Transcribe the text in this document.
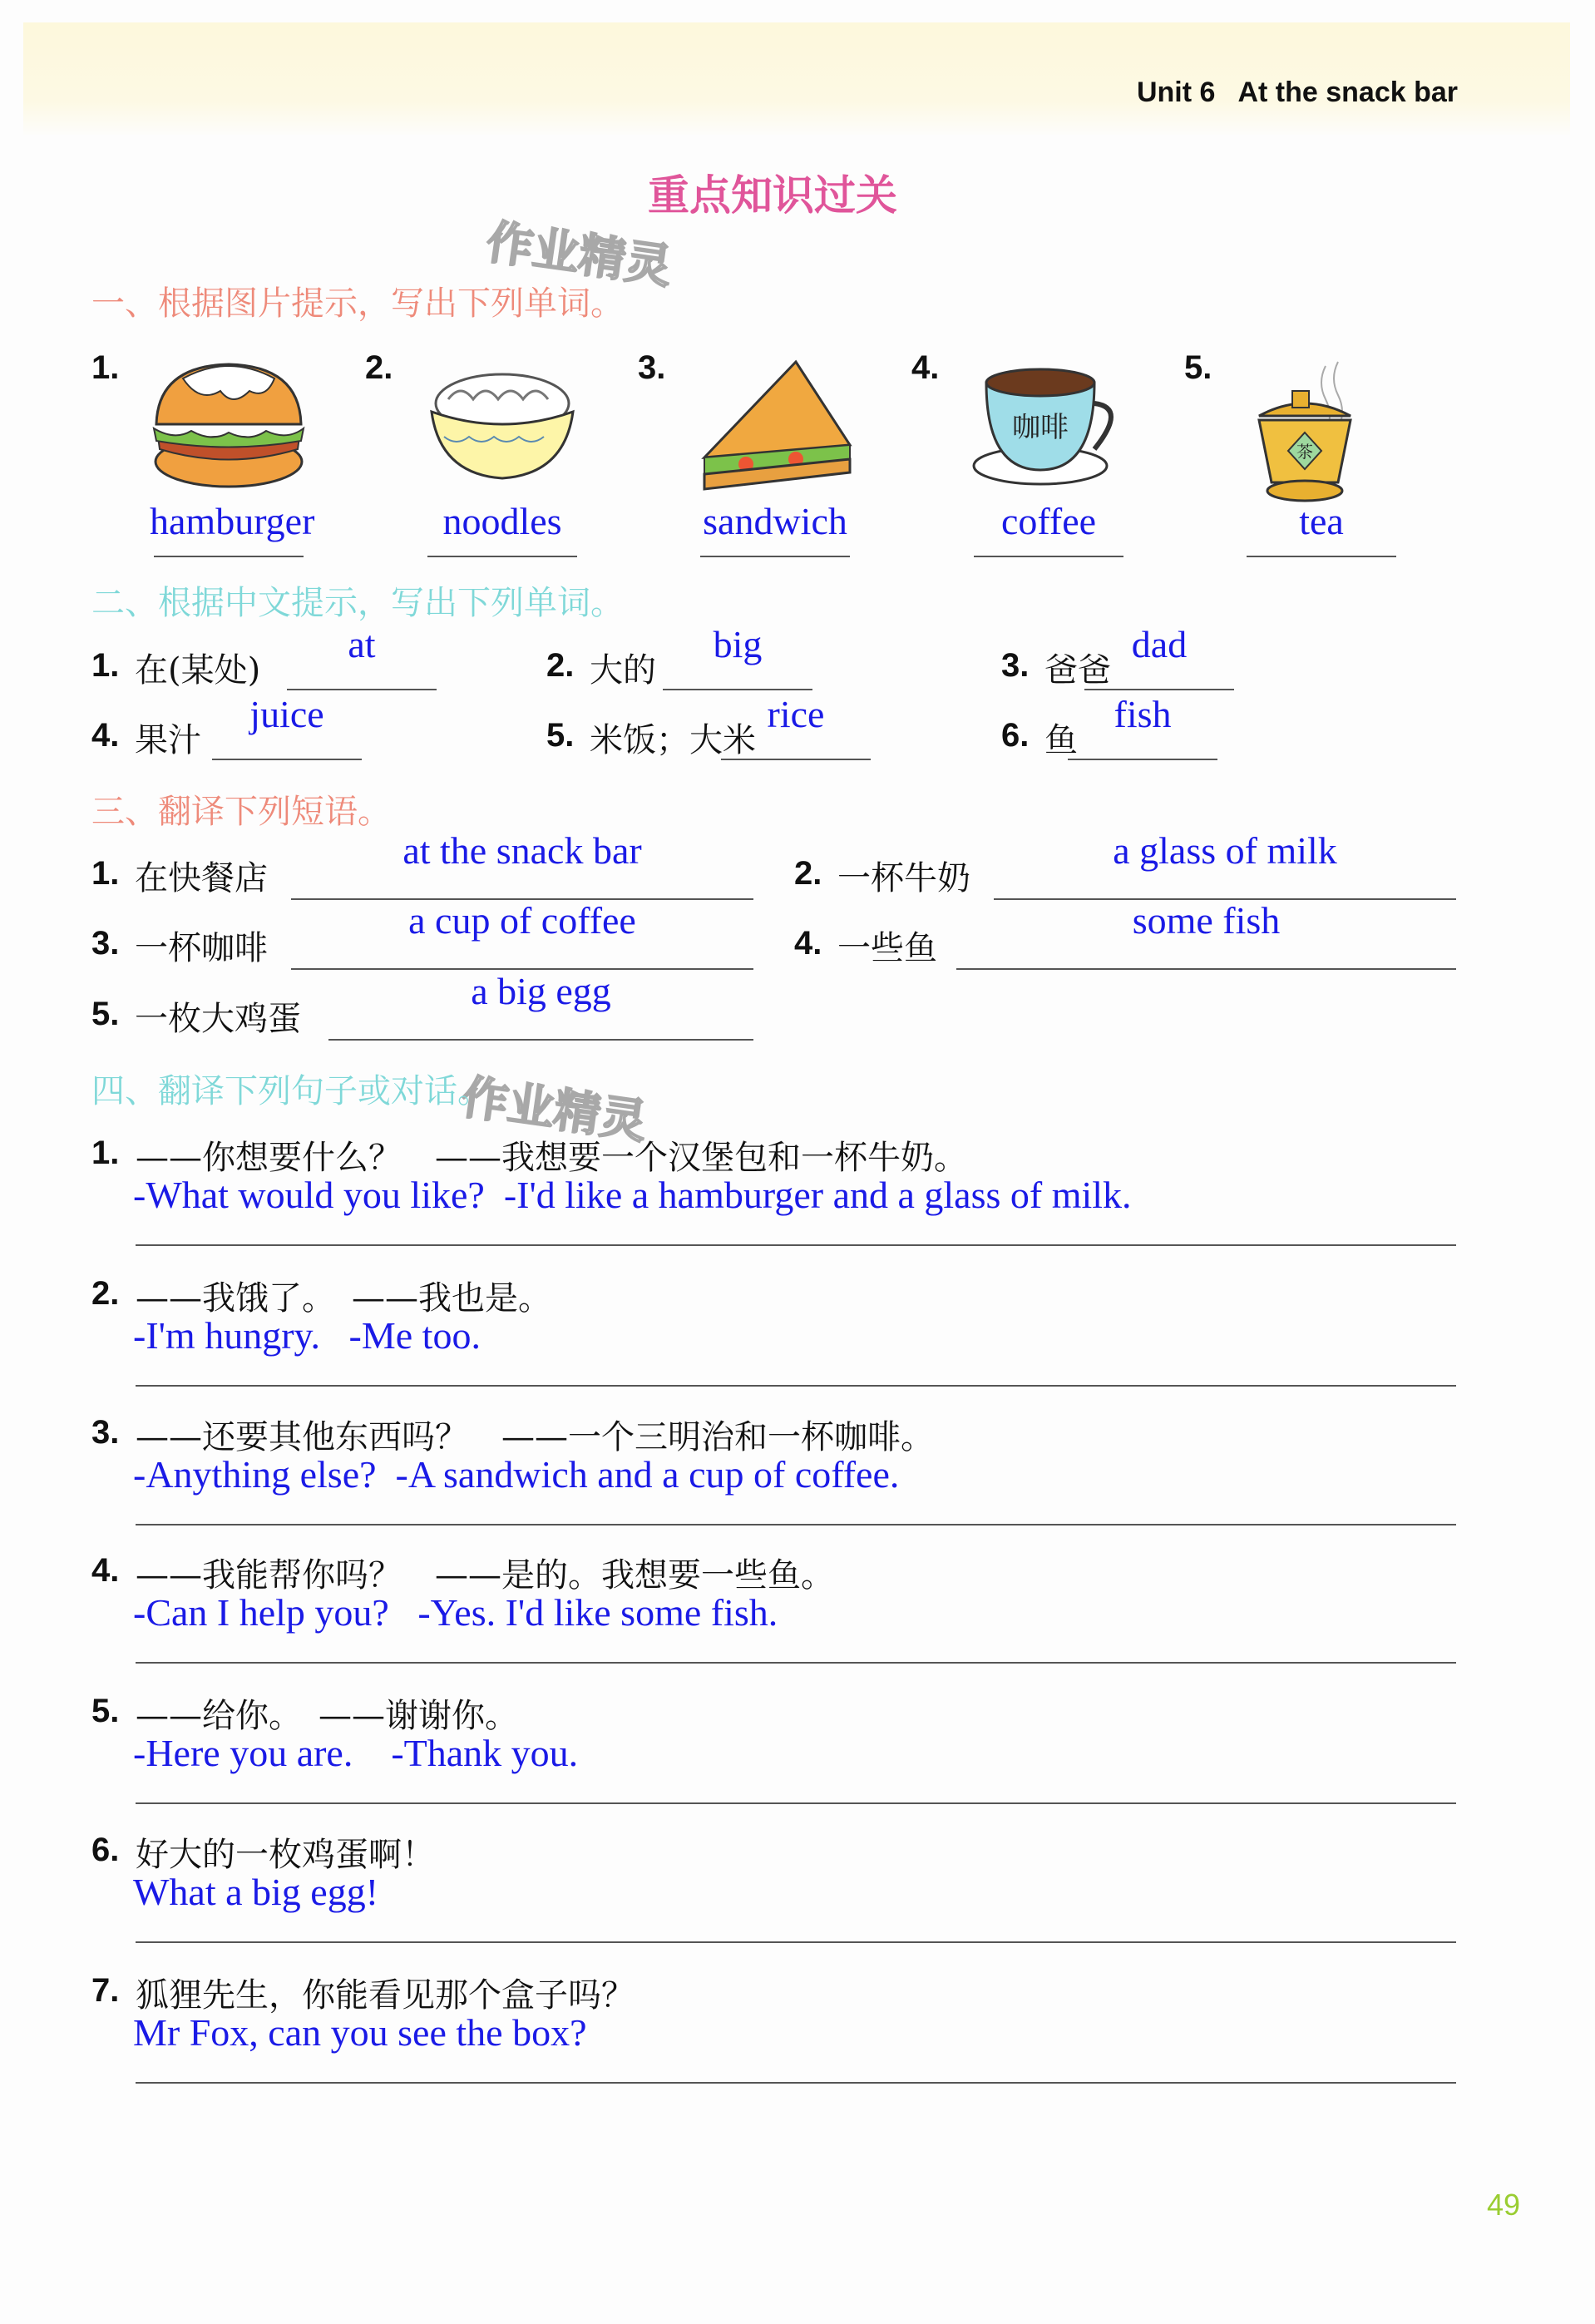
Unit 6   At the snack bar
重点知识过关
作业精灵
作业精灵
一、根据图片提示，写出下列单词。
1.
hamburger
2.
noodles
3.
sandwich
4.
咖啡
coffee
5.
茶
tea
二、根据中文提示，写出下列单词。
1. 在(某处)
at	2. 大的
big	3. 爸爸
dad
4. 果汁
juice	5. 米饭；大米
rice	6. 鱼
fish
三、翻译下列短语。
1. 在快餐店
at the snack bar
2. 一杯牛奶
a glass of milk
3. 一杯咖啡
a cup of coffee
4. 一些鱼
some fish
5. 一枚大鸡蛋
a big egg
四、翻译下列句子或对话。
1. ——你想要什么？　——我想要一个汉堡包和一杯牛奶。
-What would you like?  -I'd like a hamburger and a glass of milk.
2. ——我饿了。　——我也是。
-I'm hungry.   -Me too.
3. ——还要其他东西吗？　——一个三明治和一杯咖啡。
-Anything else?  -A sandwich and a cup of coffee.
4. ——我能帮你吗？　——是的。我想要一些鱼。
-Can I help you?   -Yes. I'd like some fish.
5. ——给你。　——谢谢你。
-Here you are.    -Thank you.
6. 好大的一枚鸡蛋啊！
What a big egg!
7. 狐狸先生，你能看见那个盒子吗？
Mr Fox, can you see the box?
49
